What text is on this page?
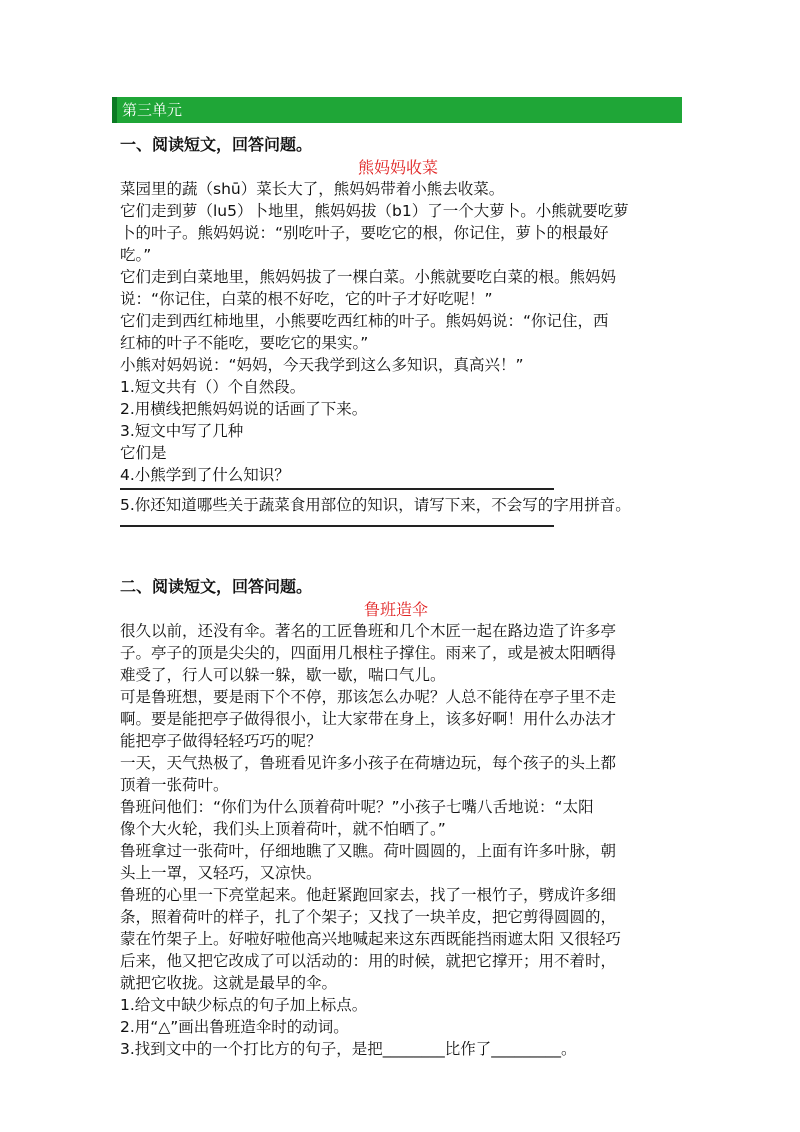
第三单元
一、阅读短文，回答问题。
熊妈妈收菜
菜园里的蔬（shū）菜长大了，熊妈妈带着小熊去收菜。
它们走到萝（lu5）卜地里，熊妈妈拔（b1）了一个大萝卜。小熊就要吃萝
卜的叶子。熊妈妈说：“别吃叶子，要吃它的根，你记住，萝卜的根最好
吃。”
它们走到白菜地里，熊妈妈拔了一棵白菜。小熊就要吃白菜的根。熊妈妈
说：“你记住，白菜的根不好吃，它的叶子才好吃呢！”
它们走到西红柿地里，小熊要吃西红柿的叶子。熊妈妈说：“你记住，西
红柿的叶子不能吃，要吃它的果实。”
小熊对妈妈说：“妈妈，今天我学到这么多知识，真高兴！”
1.短文共有（）个自然段。
2.用横线把熊妈妈说的话画了下来。
3.短文中写了几种
它们是
4.小熊学到了什么知识？
5.你还知道哪些关于蔬菜食用部位的知识，请写下来，不会写的字用拼音。
二、阅读短文，回答问题。
鲁班造伞
很久以前，还没有伞。著名的工匠鲁班和几个木匠一起在路边造了许多亭
子。亭子的顶是尖尖的，四面用几根柱子撑住。雨来了，或是被太阳晒得
难受了，行人可以躲一躲，歇一歇，喘口气儿。
可是鲁班想，要是雨下个不停，那该怎么办呢？人总不能待在亭子里不走
啊。要是能把亭子做得很小，让大家带在身上，该多好啊！用什么办法才
能把亭子做得轻轻巧巧的呢？
一天，天气热极了，鲁班看见许多小孩子在荷塘边玩，每个孩子的头上都
顶着一张荷叶。
鲁班问他们：“你们为什么顶着荷叶呢？”小孩子七嘴八舌地说：“太阳
像个大火轮，我们头上顶着荷叶，就不怕晒了。”
鲁班拿过一张荷叶，仔细地瞧了又瞧。荷叶圆圆的，上面有许多叶脉，朝
头上一罩，又轻巧，又凉快。
鲁班的心里一下亮堂起来。他赶紧跑回家去，找了一根竹子，劈成许多细
条，照着荷叶的样子，扎了个架子；又找了一块羊皮，把它剪得圆圆的，
蒙在竹架子上。好啦好啦他高兴地喊起来这东西既能挡雨遮太阳 又很轻巧
后来，他又把它改成了可以活动的：用的时候，就把它撑开；用不着时，
就把它收拢。这就是最早的伞。
1.给文中缺少标点的句子加上标点。
2.用“△”画出鲁班造伞时的动词。
3.找到文中的一个打比方的句子，是把________比作了_________。
